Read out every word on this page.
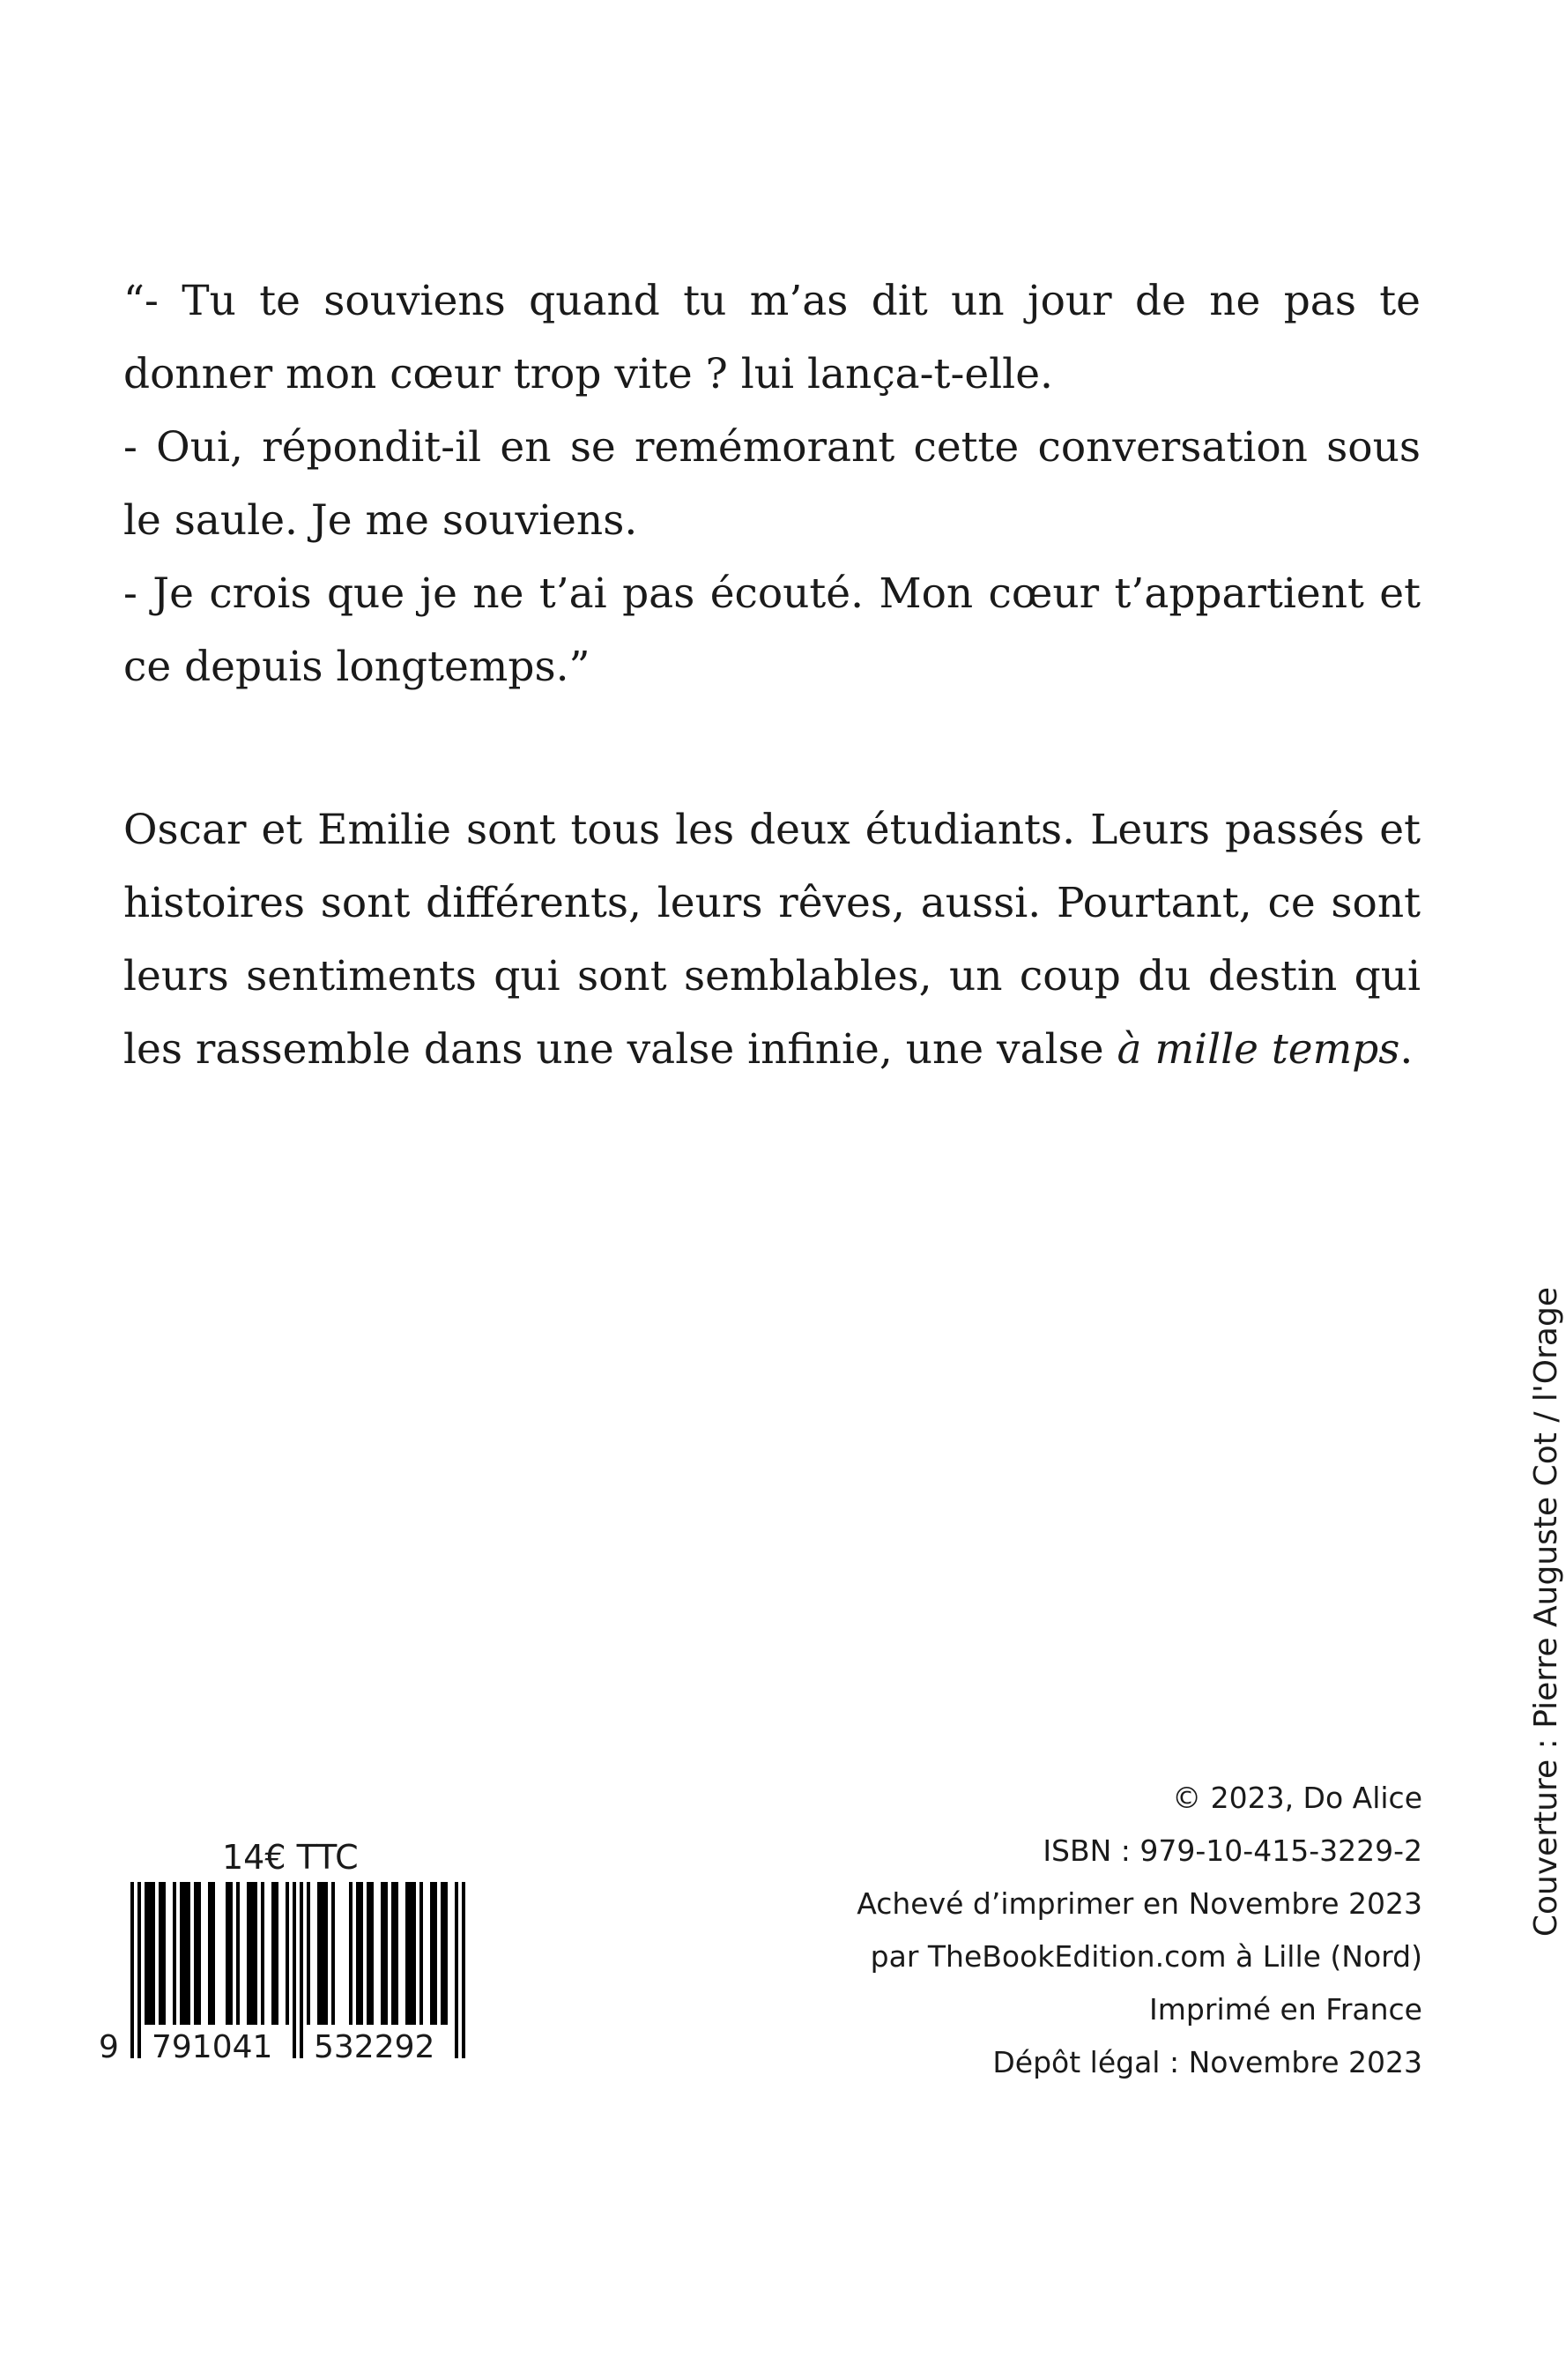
“- Tu te souviens quand tu m’as dit un jour de ne pas te donner mon cœur trop vite ? lui lança-t-elle.

- Oui, répondit-il en se remémorant cette conversation sous le saule. Je me souviens.

- Je crois que je ne t’ai pas écouté. Mon cœur t’appartient et ce depuis longtemps.”

Oscar et Emilie sont tous les deux étudiants. Leurs passés et histoires sont différents, leurs rêves, aussi. Pourtant, ce sont leurs sentiments qui sont semblables, un coup du destin qui les rassemble dans une valse infinie, une valse à mille temps.

Couverture : Pierre Auguste Cot / l'Orage
© 2023, Do Alice
ISBN : 979-10-415-3229-2
Achevé d’imprimer en Novembre 2023
par TheBookEdition.com à Lille (Nord)
Imprimé en France
Dépôt légal : Novembre 2023
14€ TTC
9 791041 532292
